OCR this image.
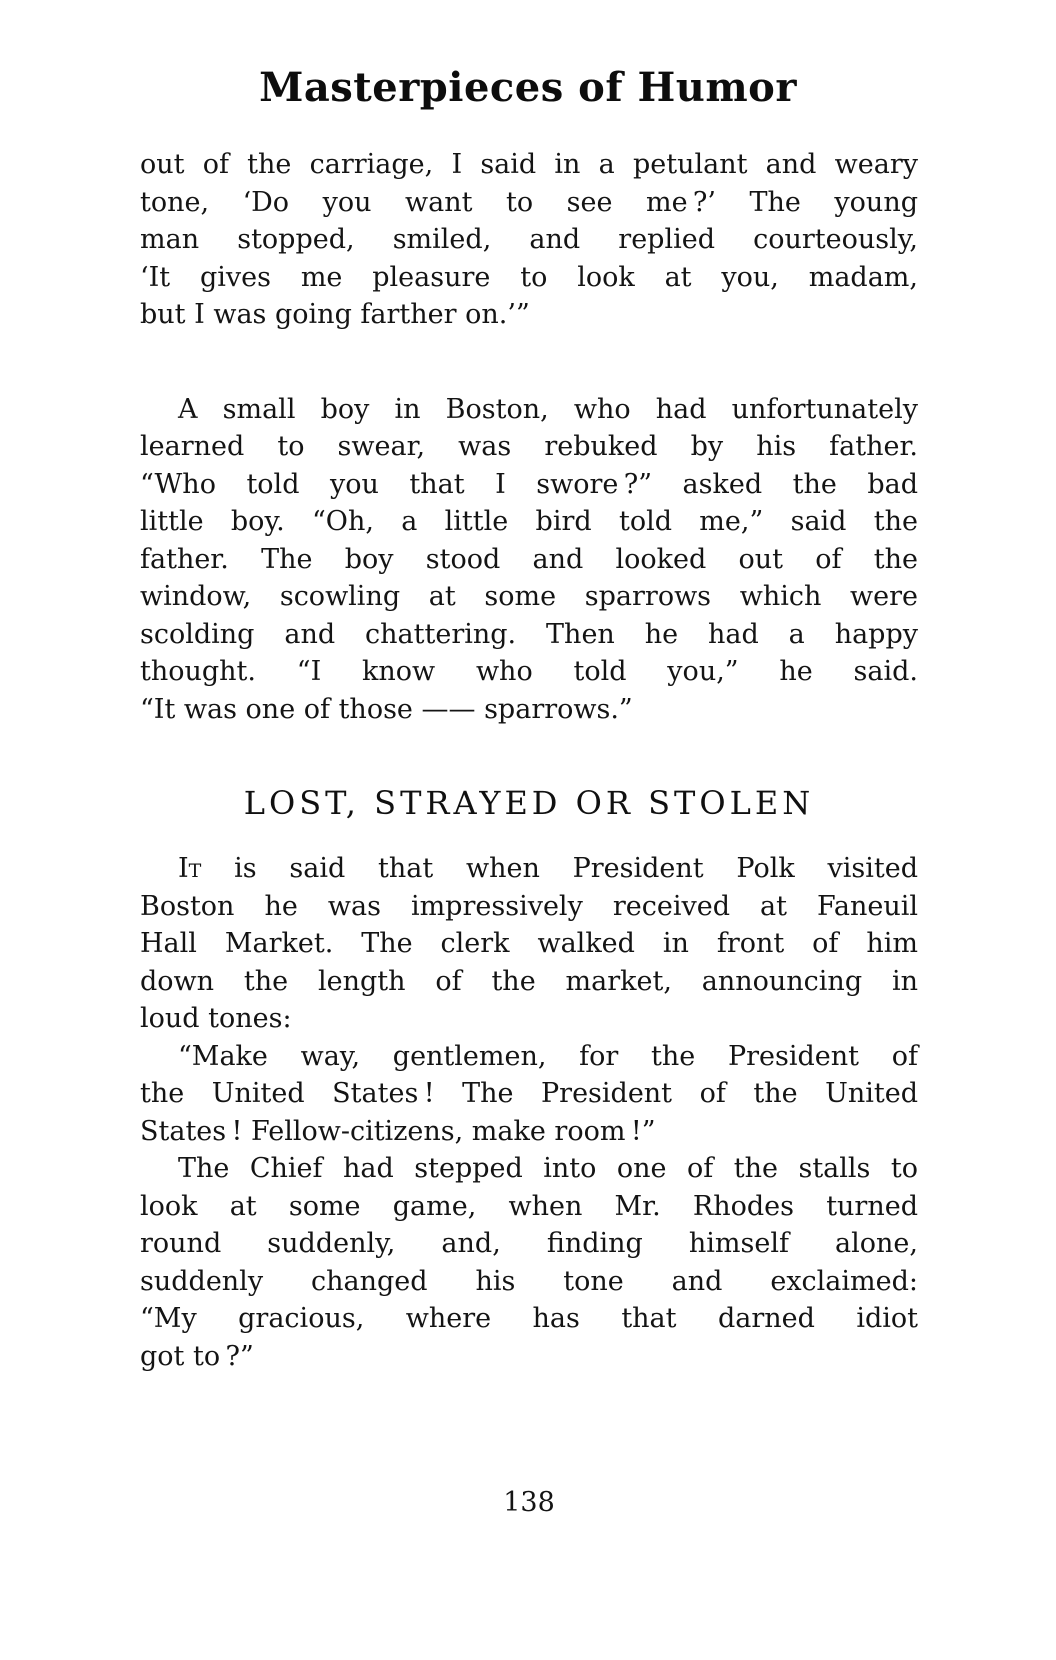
Masterpieces of Humor
out of the carriage, I said in a petulant and weary
tone, ‘Do you want to see me ?’ The young
man stopped, smiled, and replied courteously,
‘It gives me pleasure to look at you, madam,
but I was going farther on.’”
A small boy in Boston, who had unfortunately
learned to swear, was rebuked by his father.
“Who told you that I swore ?” asked the bad
little boy. “Oh, a little bird told me,” said the
father. The boy stood and looked out of the
window, scowling at some sparrows which were
scolding and chattering. Then he had a happy
thought. “I know who told you,” he said.
“It was one of those —— sparrows.”
LOST, STRAYED OR STOLEN
It is said that when President Polk visited
Boston he was impressively received at Faneuil
Hall Market. The clerk walked in front of him
down the length of the market, announcing in
loud tones:
“Make way, gentlemen, for the President of
the United States ! The President of the United
States ! Fellow-citizens, make room !”
The Chief had stepped into one of the stalls to
look at some game, when Mr. Rhodes turned
round suddenly, and, finding himself alone,
suddenly changed his tone and exclaimed:
“My gracious, where has that darned idiot
got to ?”
138
